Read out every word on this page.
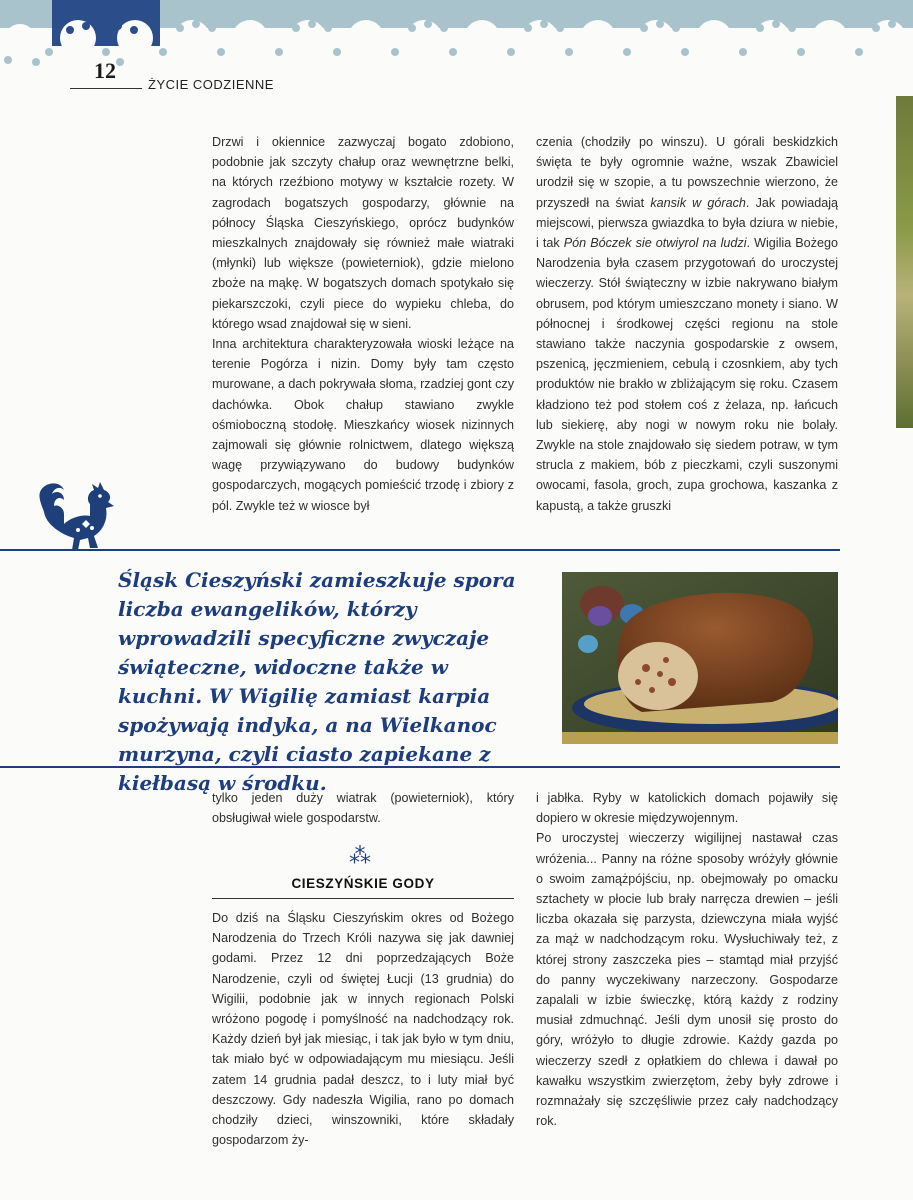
12
ŻYCIE CODZIENNE

Drzwi i okiennice zazwyczaj bogato zdobiono, podobnie jak szczyty chałup oraz wewnętrzne belki, na których rzeźbiono motywy w kształcie rozety. W zagrodach bogatszych gospodarzy, głównie na północy Śląska Cieszyńskiego, oprócz budynków mieszkalnych znajdowały się również małe wiatraki (młynki) lub większe (powieterniok), gdzie mielono zboże na mąkę. W bogatszych domach spotykało się piekarszczoki, czyli piece do wypieku chleba, do którego wsad znajdował się w sieni.

Inna architektura charakteryzowała wioski leżące na terenie Pogórza i nizin. Domy były tam często murowane, a dach pokrywała słoma, rzadziej gont czy dachówka. Obok chałup stawiano zwykle ośmioboczną stodołę. Mieszkańcy wiosek nizinnych zajmowali się głównie rolnictwem, dlatego większą wagę przywiązywano do budowy budynków gospodarczych, mogących pomieścić trzodę i zbiory z pól. Zwykle też w wiosce był

czenia (chodziły po winszu). U górali beskidzkich święta te były ogromnie ważne, wszak Zbawiciel urodził się w szopie, a tu powszechnie wierzono, że przyszedł na świat kansik w górach. Jak powiadają miejscowi, pierwsza gwiazdka to była dziura w niebie, i tak Pón Bóczek sie otwiyrol na ludzi. Wigilia Bożego Narodzenia była czasem przygotowań do uroczystej wieczerzy. Stół świąteczny w izbie nakrywano białym obrusem, pod którym umieszczano monety i siano. W północnej i środkowej części regionu na stole stawiano także naczynia gospodarskie z owsem, pszenicą, jęczmieniem, cebulą i czosnkiem, aby tych produktów nie brakło w zbliżającym się roku. Czasem kładziono też pod stołem coś z żelaza, np. łańcuch lub siekierę, aby nogi w nowym roku nie bolały. Zwykle na stole znajdowało się siedem potraw, w tym strucla z makiem, bób z pieczkami, czyli suszonymi owocami, fasola, groch, zupa grochowa, kaszanka z kapustą, a także gruszki

Śląsk Cieszyński zamieszkuje spora liczba ewangelików, którzy wprowadzili specyficzne zwyczaje świąteczne, widoczne także w kuchni. W Wigilię zamiast karpia spożywają indyka, a na Wielkanoc murzyna, czyli ciasto zapiekane z kiełbasą w środku.

tylko jeden duży wiatrak (powieterniok), który obsługiwał wiele gospodarstw.

⁂
CIESZYŃSKIE GODY

Do dziś na Śląsku Cieszyńskim okres od Bożego Narodzenia do Trzech Króli nazywa się jak dawniej godami. Przez 12 dni poprzedzających Boże Narodzenie, czyli od świętej Łucji (13 grudnia) do Wigilii, podobnie jak w innych regionach Polski wróżono pogodę i pomyślność na nadchodzący rok. Każdy dzień był jak miesiąc, i tak jak było w tym dniu, tak miało być w odpowiadającym mu miesiącu. Jeśli zatem 14 grudnia padał deszcz, to i luty miał być deszczowy. Gdy nadeszła Wigilia, rano po domach chodziły dzieci, winszowniki, które składały gospodarzom ży-

i jabłka. Ryby w katolickich domach pojawiły się dopiero w okresie międzywojennym.

Po uroczystej wieczerzy wigilijnej nastawał czas wróżenia... Panny na różne sposoby wróżyły głównie o swoim zamążpójściu, np. obejmowały po omacku sztachety w płocie lub brały narręcza drewien – jeśli liczba okazała się parzysta, dziewczyna miała wyjść za mąż w nadchodzącym roku. Wysłuchiwały też, z której strony zaszczeka pies – stamtąd miał przyjść do panny wyczekiwany narzeczony. Gospodarze zapalali w izbie świeczkę, którą każdy z rodziny musiał zdmuchnąć. Jeśli dym unosił się prosto do góry, wróżyło to długie zdrowie. Każdy gazda po wieczerzy szedł z opłatkiem do chlewa i dawał po kawałku wszystkim zwierzętom, żeby były zdrowe i rozmnażały się szczęśliwie przez cały nadchodzący rok.
